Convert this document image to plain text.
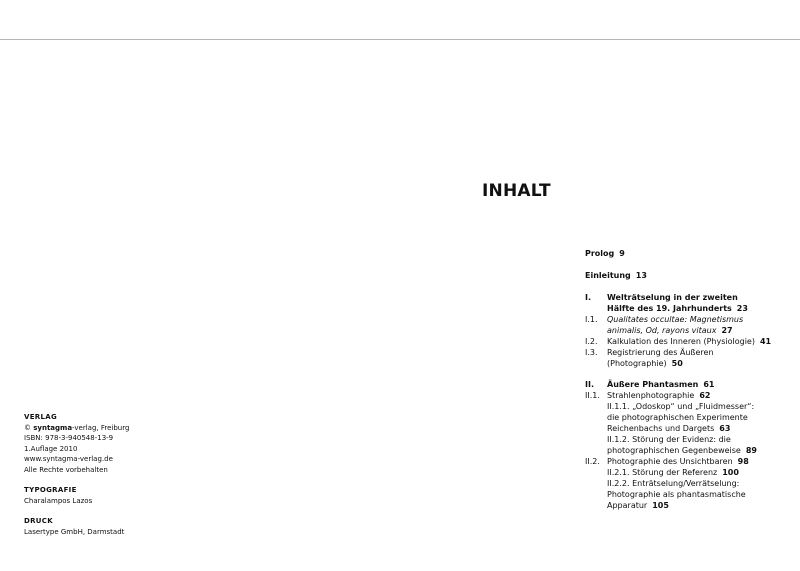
INHALT
VERLAG
© syntagma-verlag, Freiburg
ISBN: 978-3-940548-13-9
1.Auflage 2010
www.syntagma-verlag.de
Alle Rechte vorbehalten
TYPOGRAFIE
Charalampos Lazos
DRUCK
Lasertype GmbH, Darmstadt
Prolog 9
Einleitung 13
I. Welträtselung in der zweiten
Hälfte des 19. Jahrhunderts 23
I.1. Qualitates occultae: Magnetismus
animalis, Od, rayons vitaux 27
I.2. Kalkulation des Inneren (Physiologie) 41
I.3. Registrierung des Äußeren
(Photographie) 50
II. Äußere Phantasmen 61
II.1. Strahlenphotographie 62
II.1.1. „Odoskop“ und „Fluidmesser“:
die photographischen Experimente
Reichenbachs und Dargets 63
II.1.2. Störung der Evidenz: die
photographischen Gegenbeweise 89
II.2. Photographie des Unsichtbaren 98
II.2.1. Störung der Referenz 100
II.2.2. Enträtselung/Verrätselung:
Photographie als phantasmatische
Apparatur 105
